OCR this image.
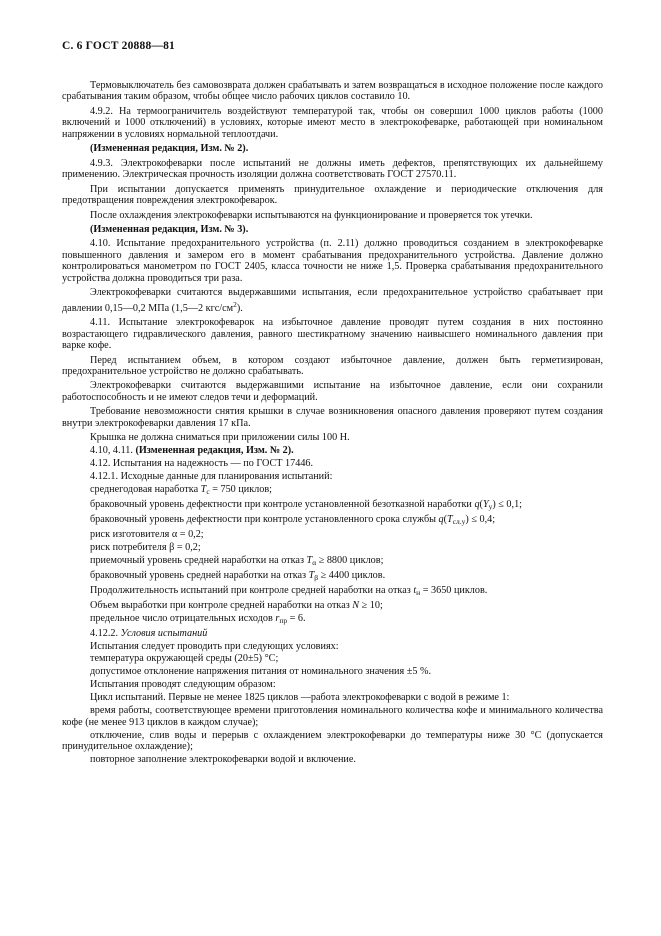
С. 6 ГОСТ 20888—81

Термовыключатель без самовозврата должен срабатывать и затем возвращаться в исходное положение после каждого срабатывания таким образом, чтобы общее число рабочих циклов составило 10.

4.9.2. На термоограничитель воздействуют температурой так, чтобы он совершил 1000 циклов работы (1000 включений и 1000 отключений) в условиях, которые имеют место в электрокофеварке, работающей при номинальном напряжении в условиях нормальной теплоотдачи.

(Измененная редакция, Изм. № 2).

4.9.3. Электрокофеварки после испытаний не должны иметь дефектов, препятствующих их дальнейшему применению. Электрическая прочность изоляции должна соответствовать ГОСТ 27570.11.

При испытании допускается применять принудительное охлаждение и периодические отключения для предотвращения повреждения электрокофеварок.

После охлаждения электрокофеварки испытываются на функционирование и проверяется ток утечки.

(Измененная редакция, Изм. № 3).

4.10. Испытание предохранительного устройства (п. 2.11) должно проводиться созданием в электрокофеварке повышенного давления и замером его в момент срабатывания предохранительного устройства. Давление должно контролироваться манометром по ГОСТ 2405, класса точности не ниже 1,5. Проверка срабатывания предохранительного устройства должна проводиться три раза.

Электрокофеварки считаются выдержавшими испытания, если предохранительное устройство срабатывает при давлении 0,15—0,2 МПа (1,5—2 кгс/$см^2$).

4.11. Испытание электрокофеварок на избыточное давление проводят путем создания в них постоянно возрастающего гидравлического давления, равного шестикратному значению наивысшего номинального давления при варке кофе.

Перед испытанием объем, в котором создают избыточное давление, должен быть герметизирован, предохранительное устройство не должно срабатывать.

Электрокофеварки считаются выдержавшими испытание на избыточное давление, если они сохранили работоспособность и не имеют следов течи и деформаций.

Требование невозможности снятия крышки в случае возникновения опасного давления проверяют путем создания внутри электрокофеварки давления 17 кПа.

Крышка не должна сниматься при приложении силы 100 Н.

4.10, 4.11. (Измененная редакция, Изм. № 2).

4.12. Испытания на надежность — по ГОСТ 17446.

4.12.1. Исходные данные для планирования испытаний:

среднегодовая наработка $T_c = 750$ циклов;

браковочный уровень дефектности при контроле установленной безотказной наработки $q(Y_y) \le 0,1$;

браковочный уровень дефектности при контроле установленного срока службы $q(T_{сл.у}) \le 0,4$;

риск изготовителя α = 0,2;

риск потребителя β = 0,2;

приемочный уровень средней наработки на отказ $T_\alpha \ge 8800$ циклов;

браковочный уровень средней наработки на отказ $T_\beta \ge 4400$ циклов.

Продолжительность испытаний при контроле средней наработки на отказ $t_н = 3650$ циклов.

Объем выработки при контроле средней наработки на отказ N ≥ 10;

предельное число отрицательных исходов $r_{пр} = 6$.

4.12.2. Условия испытаний

Испытания следует проводить при следующих условиях:

температура окружающей среды (20±5) °С;

допустимое отклонение напряжения питания от номинального значения ±5 %.

Испытания проводят следующим образом:

Цикл испытаний. Первые не менее 1825 циклов —работа электрокофеварки с водой в режиме 1:

время работы, соответствующее времени приготовления номинального количества кофе и минимального количества кофе (не менее 913 циклов в каждом случае);

отключение, слив воды и перерыв с охлаждением электрокофеварки до температуры ниже 30 °С (допускается принудительное охлаждение);

повторное заполнение электрокофеварки водой и включение.
